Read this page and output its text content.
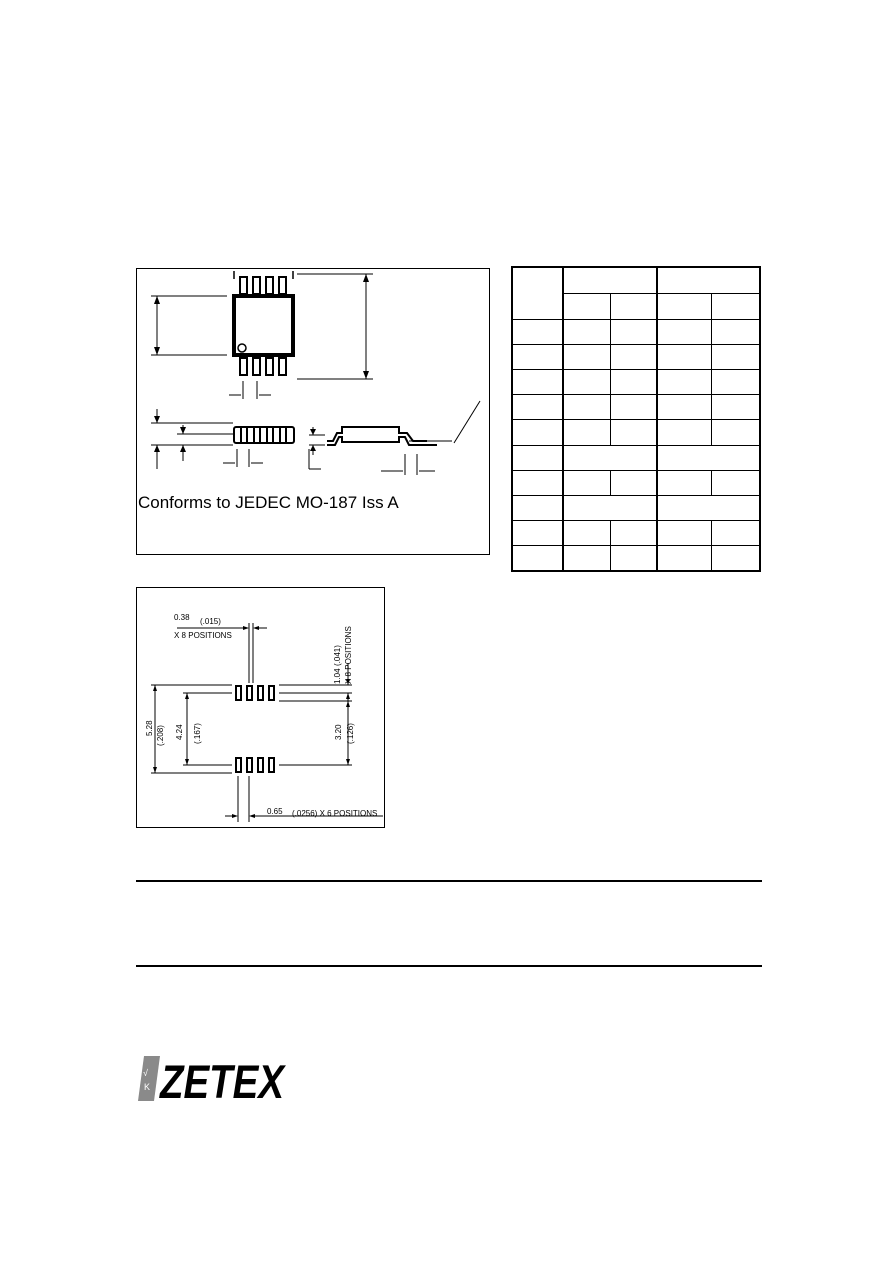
Conforms to JEDEC MO-187 Iss A

0.38 (.015)
X 8 POSITIONS
1.04
(.041) X 8 POSITIONS
5.28 (.208) 4.24 (.167)	3.20 (.126)
0.65 (.0256) X 6 POSITIONS
√
K ZETEX
